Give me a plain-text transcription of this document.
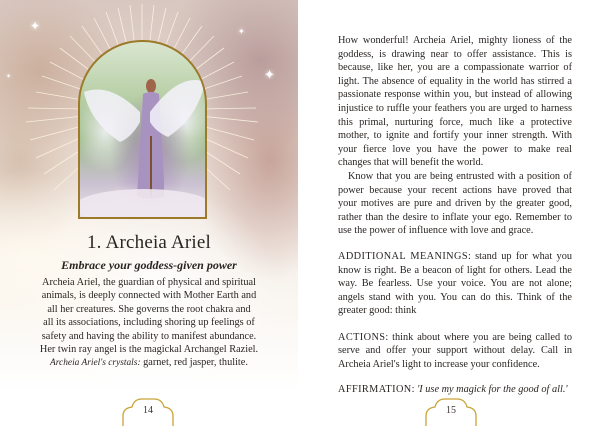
✦	✦
✦
✦
1. Archeia Ariel
Embrace your goddess-given power
Archeia Ariel, the guardian of physical and spiritual
animals, is deeply connected with Mother Earth and
all her creatures. She governs the root chakra and
all its associations, including shoring up feelings of
safety and having the ability to manifest abundance.
Her twin ray angel is the magickal Archangel Raziel.
Archeia Ariel's crystals: garnet, red jasper, thulite.
14

How wonderful! Archeia Ariel, mighty lioness of the goddess, is drawing near to offer assistance. This is because, like her, you are a compassionate warrior of light. The absence of equality in the world has stirred a passionate response within you, but instead of allowing injustice to ruffle your feathers you are urged to harness this primal, nurturing force, much like a protective mother, to ignite and fortify your inner strength. With your fierce love you have the power to make real changes that will benefit the world.

Know that you are being entrusted with a position of power because your recent actions have proved that your motives are pure and driven by the greater good, rather than the desire to inflate your ego. Remember to use the power of influence with love and grace.

ADDITIONAL MEANINGS: stand up for what you know is right. Be a beacon of light for others. Lead the way. Be fearless. Use your voice. You are not alone; angels stand with you. You can do this. Think of the greater good: think

ACTIONS: think about where you are being called to serve and offer your support without delay. Call in Archeia Ariel's light to increase your confidence.

AFFIRMATION: 'I use my magick for the good of all.'

15
